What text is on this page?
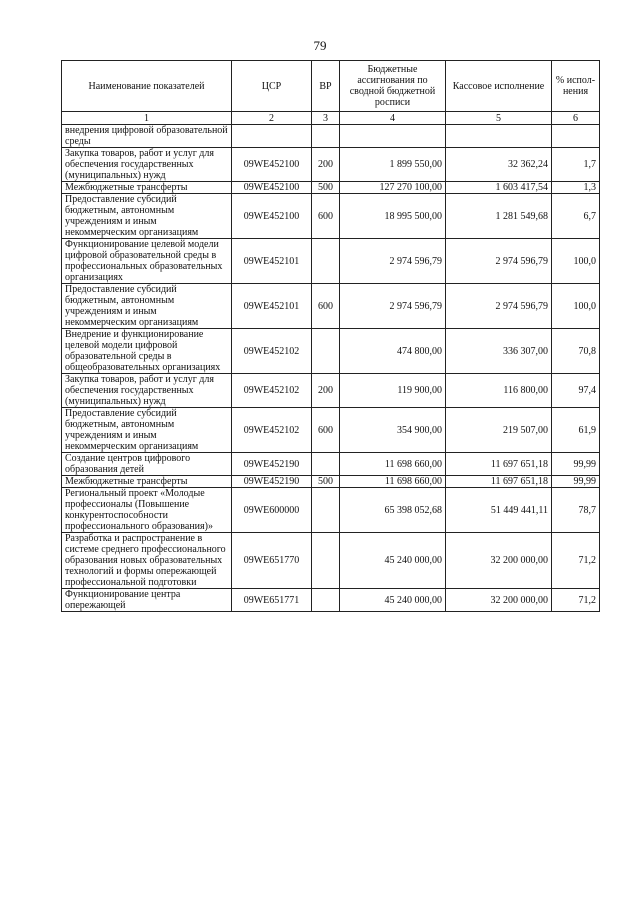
79
Наименование показателей	ЦСР	ВР	Бюджетные ассигнования по сводной бюджетной росписи	Кассовое исполнение	% испол-нения
1	2	3	4	5	6
внедрения цифровой образовательной среды					
Закупка товаров, работ и услуг для обеспечения государственных (муниципальных) нужд	09WE452100	200	1 899 550,00	32 362,24	1,7
Межбюджетные трансферты	09WE452100	500	127 270 100,00	1 603 417,54	1,3
Предоставление субсидий бюджетным, автономным учреждениям и иным некоммерческим организациям	09WE452100	600	18 995 500,00	1 281 549,68	6,7
Функционирование целевой модели цифровой образовательной среды в профессиональных образовательных организациях	09WE452101		2 974 596,79	2 974 596,79	100,0
Предоставление субсидий бюджетным, автономным учреждениям и иным некоммерческим организациям	09WE452101	600	2 974 596,79	2 974 596,79	100,0
Внедрение и функционирование целевой модели цифровой образовательной среды в общеобразовательных организациях	09WE452102		474 800,00	336 307,00	70,8
Закупка товаров, работ и услуг для обеспечения государственных (муниципальных) нужд	09WE452102	200	119 900,00	116 800,00	97,4
Предоставление субсидий бюджетным, автономным учреждениям и иным некоммерческим организациям	09WE452102	600	354 900,00	219 507,00	61,9
Создание центров цифрового образования детей	09WE452190		11 698 660,00	11 697 651,18	99,99
Межбюджетные трансферты	09WE452190	500	11 698 660,00	11 697 651,18	99,99
Региональный проект «Молодые профессионалы (Повышение конкурентоспособности профессионального образования)»	09WE600000		65 398 052,68	51 449 441,11	78,7
Разработка и распространение в системе среднего профессионального образования новых образовательных технологий и формы опережающей профессиональной подготовки	09WE651770		45 240 000,00	32 200 000,00	71,2
Функционирование центра опережающей	09WE651771		45 240 000,00	32 200 000,00	71,2
